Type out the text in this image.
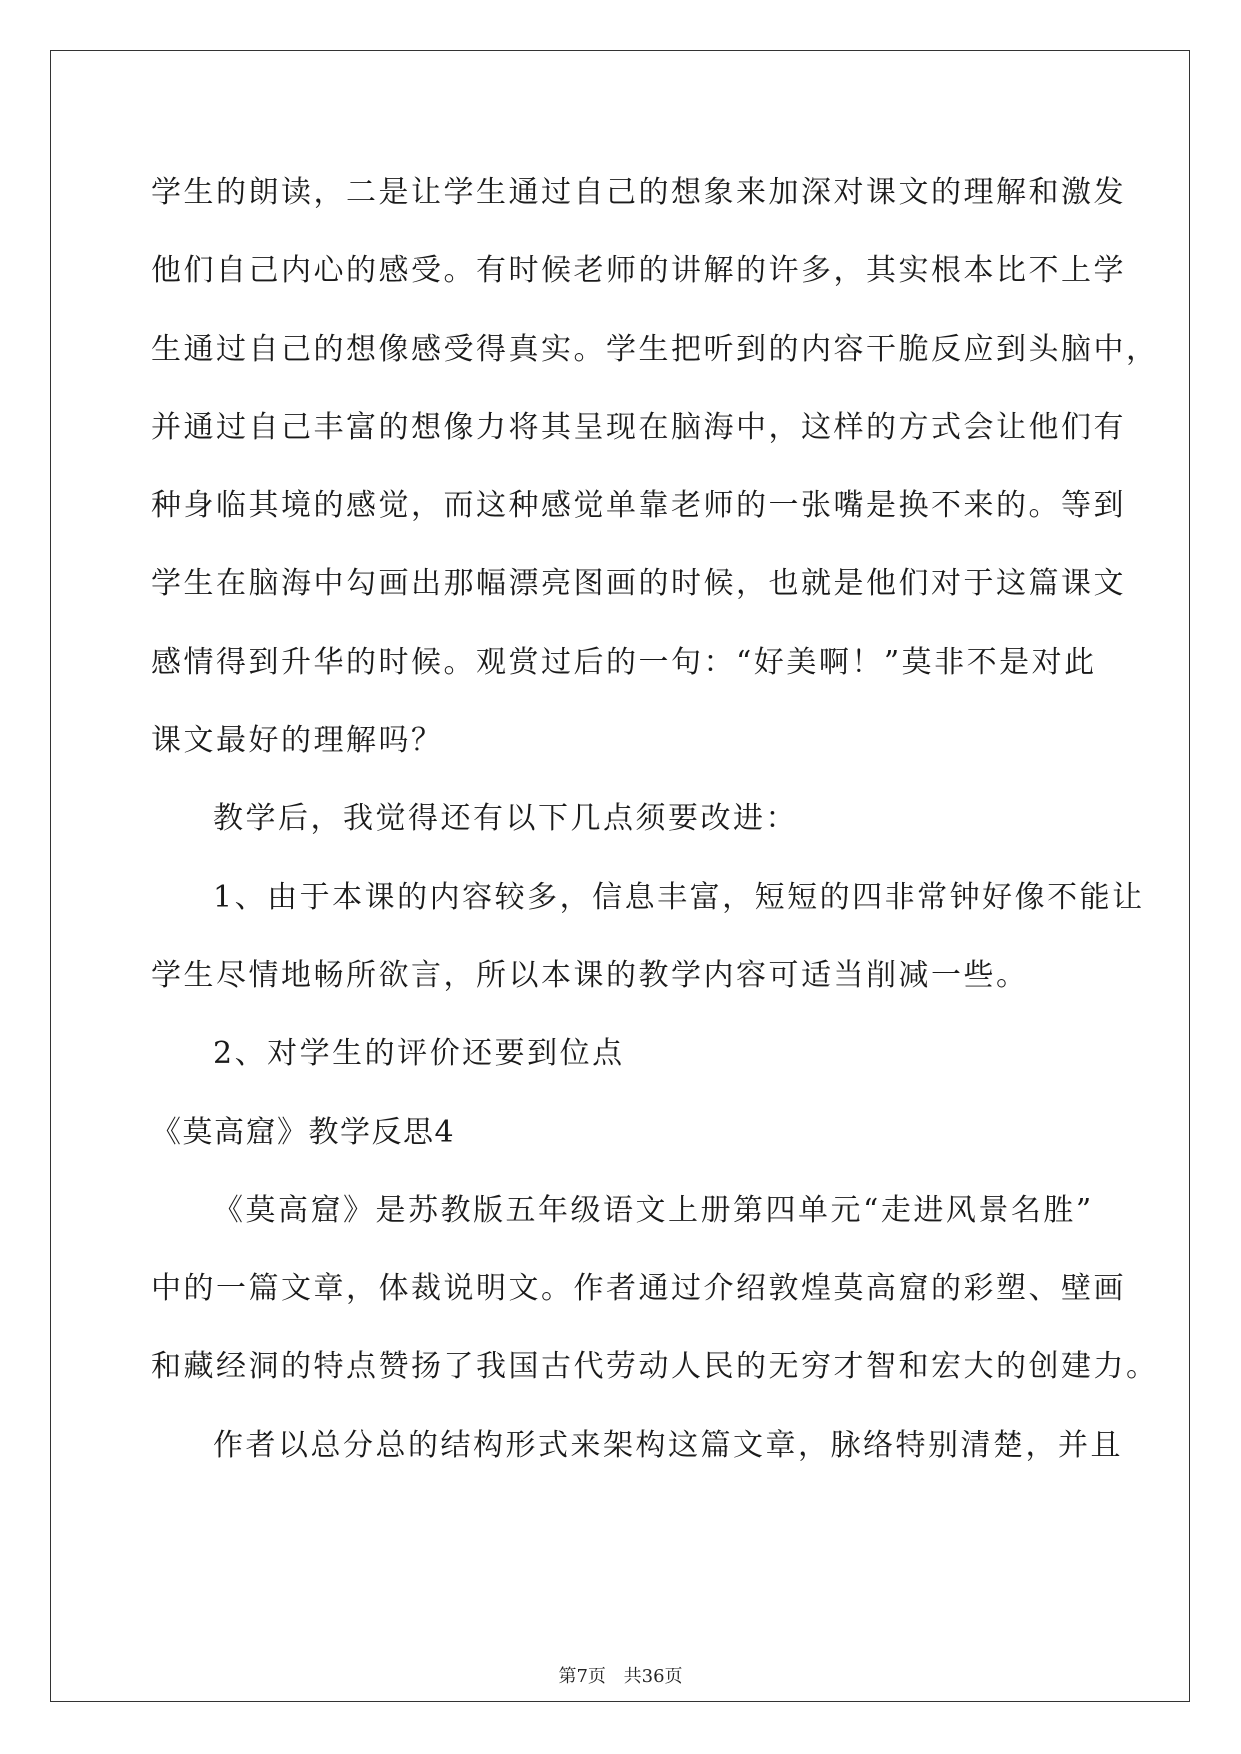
学生的朗读，二是让学生通过自己的想象来加深对课文的理解和激发
他们自己内心的感受。有时候老师的讲解的许多，其实根本比不上学
生通过自己的想像感受得真实。学生把听到的内容干脆反应到头脑中，
并通过自己丰富的想像力将其呈现在脑海中，这样的方式会让他们有
种身临其境的感觉，而这种感觉单靠老师的一张嘴是换不来的。等到
学生在脑海中勾画出那幅漂亮图画的时候，也就是他们对于这篇课文
感情得到升华的时候。观赏过后的一句：“好美啊！”莫非不是对此
课文最好的理解吗？
教学后，我觉得还有以下几点须要改进：
1、由于本课的内容较多，信息丰富，短短的四非常钟好像不能让
学生尽情地畅所欲言，所以本课的教学内容可适当削减一些。
2、对学生的评价还要到位点
《莫高窟》教学反思4
《莫高窟》是苏教版五年级语文上册第四单元“走进风景名胜”
中的一篇文章，体裁说明文。作者通过介绍敦煌莫高窟的彩塑、壁画
和藏经洞的特点赞扬了我国古代劳动人民的无穷才智和宏大的创建力。
作者以总分总的结构形式来架构这篇文章，脉络特别清楚，并且
第7页 共36页
